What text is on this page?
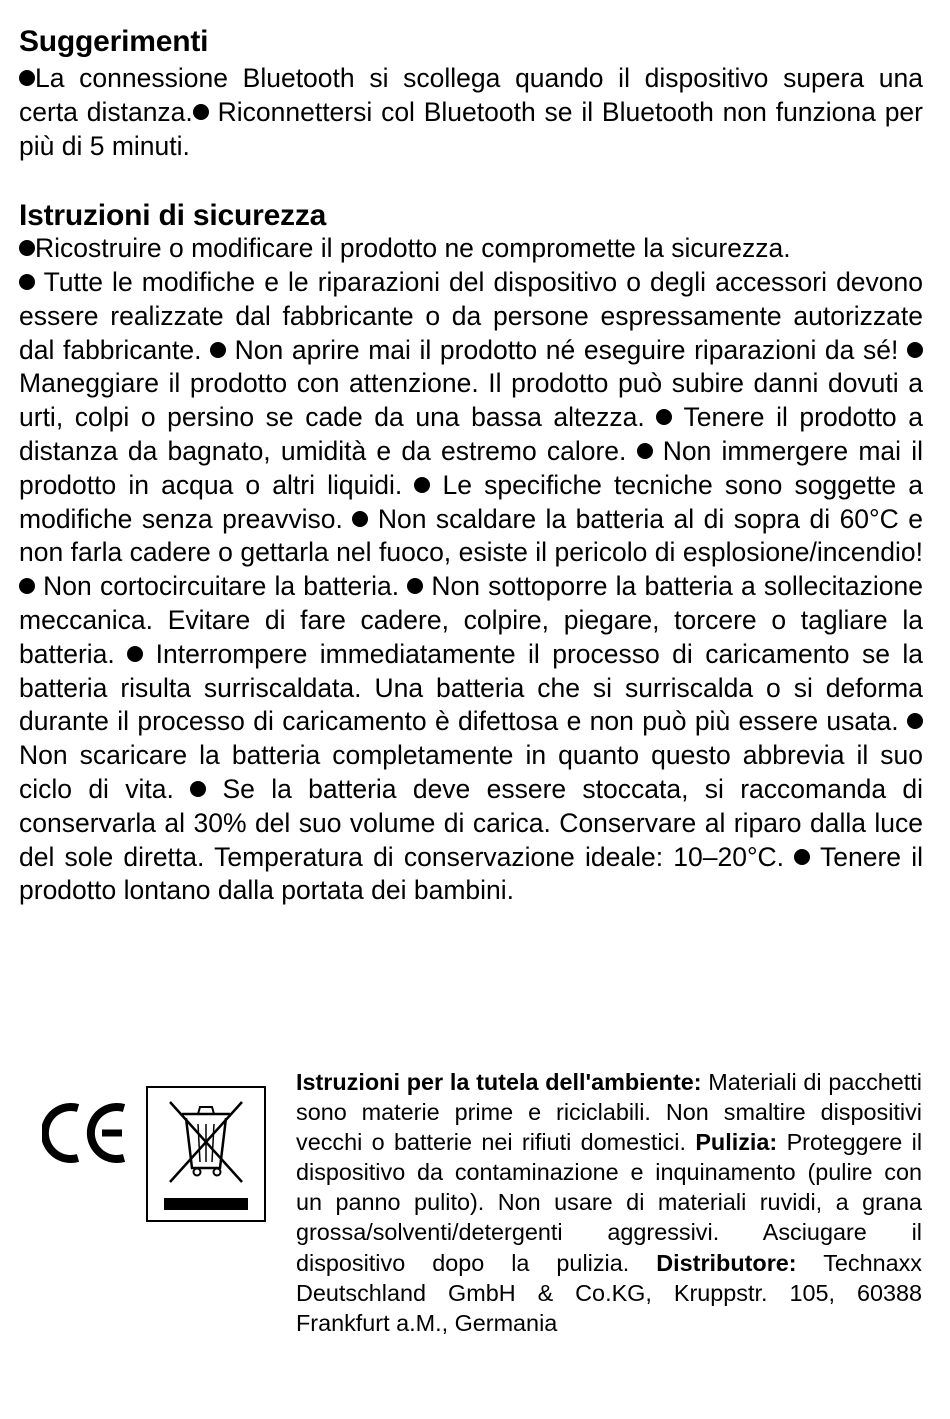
Suggerimenti

La connessione Bluetooth si scollega quando il dispositivo supera una certa distanza. Riconnettersi col Bluetooth se il Bluetooth non funziona per più di 5 minuti.

Istruzioni di sicurezza

Ricostruire o modificare il prodotto ne compromette la sicurezza.

Tutte le modifiche e le riparazioni del dispositivo o degli accessori devono essere realizzate dal fabbricante o da persone espressamente autorizzate dal fabbricante. Non aprire mai il prodotto né eseguire riparazioni da sé!  Maneggiare il prodotto con attenzione. Il prodotto può subire danni dovuti a urti, colpi o persino se cade da una bassa altezza. Tenere il prodotto a distanza da bagnato, umidità e da estremo calore. Non immergere mai il prodotto in acqua o altri liquidi. Le specifiche tecniche sono soggette a modifiche senza preavviso. Non scaldare la batteria al di sopra di 60°C e non farla cadere o gettarla nel fuoco, esiste il pericolo di esplosione/incendio!  Non cortocircuitare la batteria. Non sottoporre la batteria a sollecitazione meccanica. Evitare di fare cadere, colpire, piegare, torcere o tagliare la batteria. Interrompere immediatamente il processo di caricamento se la batteria risulta surriscaldata. Una batteria che si surriscalda o si deforma durante il processo di caricamento è difettosa e non può più essere usata.  Non scaricare la batteria completamente in quanto questo abbrevia il suo ciclo di vita. Se la batteria deve essere stoccata, si raccomanda di conservarla al 30% del suo volume di carica. Conservare al riparo dalla luce del sole diretta. Temperatura di conservazione ideale: 10–20°C. Tenere il prodotto lontano dalla portata dei bambini.

Istruzioni per la tutela dell'ambiente: Materiali di pacchetti sono materie prime e riciclabili. Non smaltire dispositivi vecchi o batterie nei rifiuti domestici. Pulizia: Proteggere il dispositivo da contaminazione e inquinamento (pulire con un panno pulito). Non usare di materiali ruvidi, a grana grossa/solventi/detergenti aggressivi. Asciugare il dispositivo dopo la pulizia. Distributore: Technaxx Deutschland GmbH & Co.KG, Kruppstr. 105, 60388 Frankfurt a.M., Germania
